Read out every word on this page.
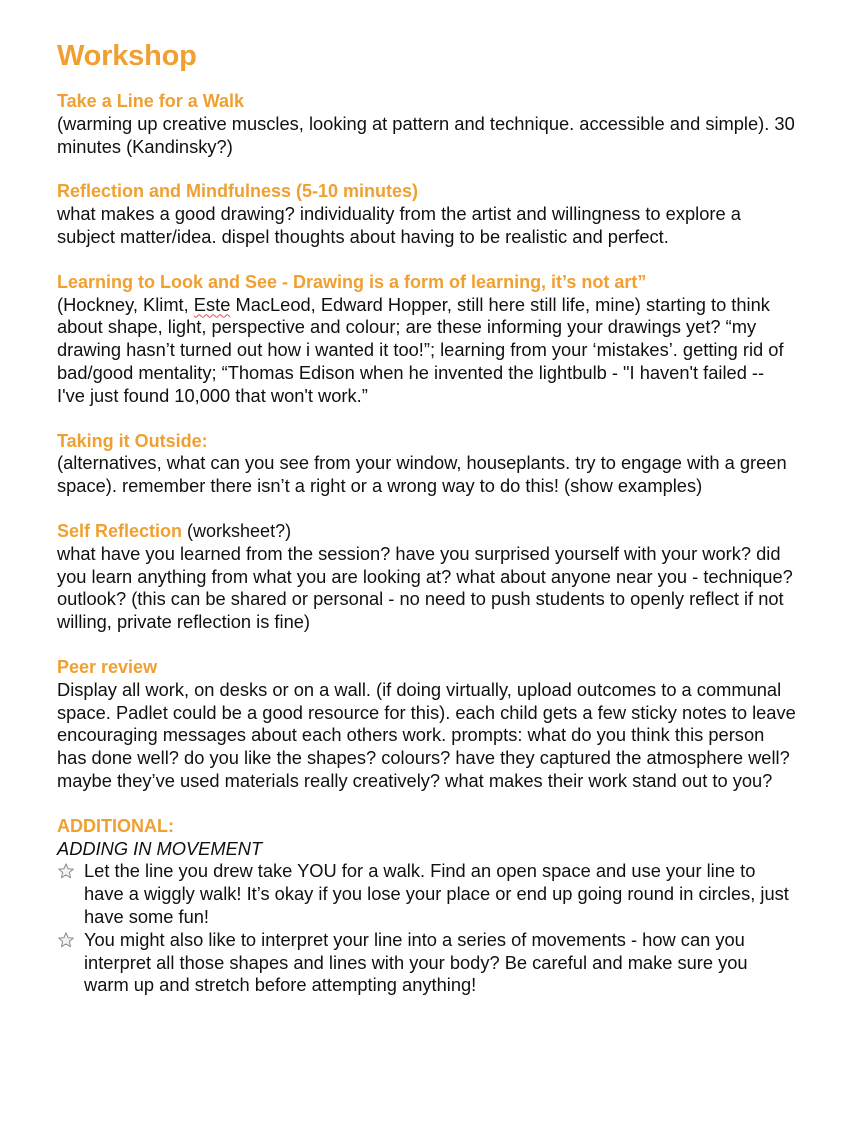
Workshop
Take a Line for a Walk

(warming up creative muscles, looking at pattern and technique. accessible and simple). 30 minutes (Kandinsky?)

Reflection and Mindfulness (5-10 minutes)

what makes a good drawing? individuality from the artist and willingness to explore a subject matter/idea. dispel thoughts about having to be realistic and perfect.

Learning to Look and See - Drawing is a form of learning, it’s not art”

(Hockney, Klimt, Este MacLeod, Edward Hopper, still here still life, mine) starting to think about shape, light, perspective and colour; are these informing your drawings yet? “my drawing hasn’t turned out how i wanted it too!”; learning from your ‘mistakes’. getting rid of bad/good mentality; “Thomas Edison when he invented the lightbulb - "I haven't failed -- I've just found 10,000 that won't work.”

Taking it Outside:

(alternatives, what can you see from your window, houseplants. try to engage with a green space). remember there isn’t a right or a wrong way to do this! (show examples)

Self Reflection (worksheet?)

what have you learned from the session? have you surprised yourself with your work? did you learn anything from what you are looking at? what about anyone near you - technique? outlook? (this can be shared or personal - no need to push students to openly reflect if not willing, private reflection is fine)

Peer review

Display all work, on desks or on a wall. (if doing virtually, upload outcomes to a communal space. Padlet could be a good resource for this). each child gets a few sticky notes to leave encouraging messages about each others work. prompts: what do you think this person has done well? do you like the shapes? colours? have they captured the atmosphere well? maybe they’ve used materials really creatively? what makes their work stand out to you?

ADDITIONAL:
ADDING IN MOVEMENT
Let the line you drew take YOU for a walk. Find an open space and use your line to have a wiggly walk! It’s okay if you lose your place or end up going round in circles, just have some fun!
You might also like to interpret your line into a series of movements - how can you interpret all those shapes and lines with your body? Be careful and make sure you warm up and stretch before attempting anything!
